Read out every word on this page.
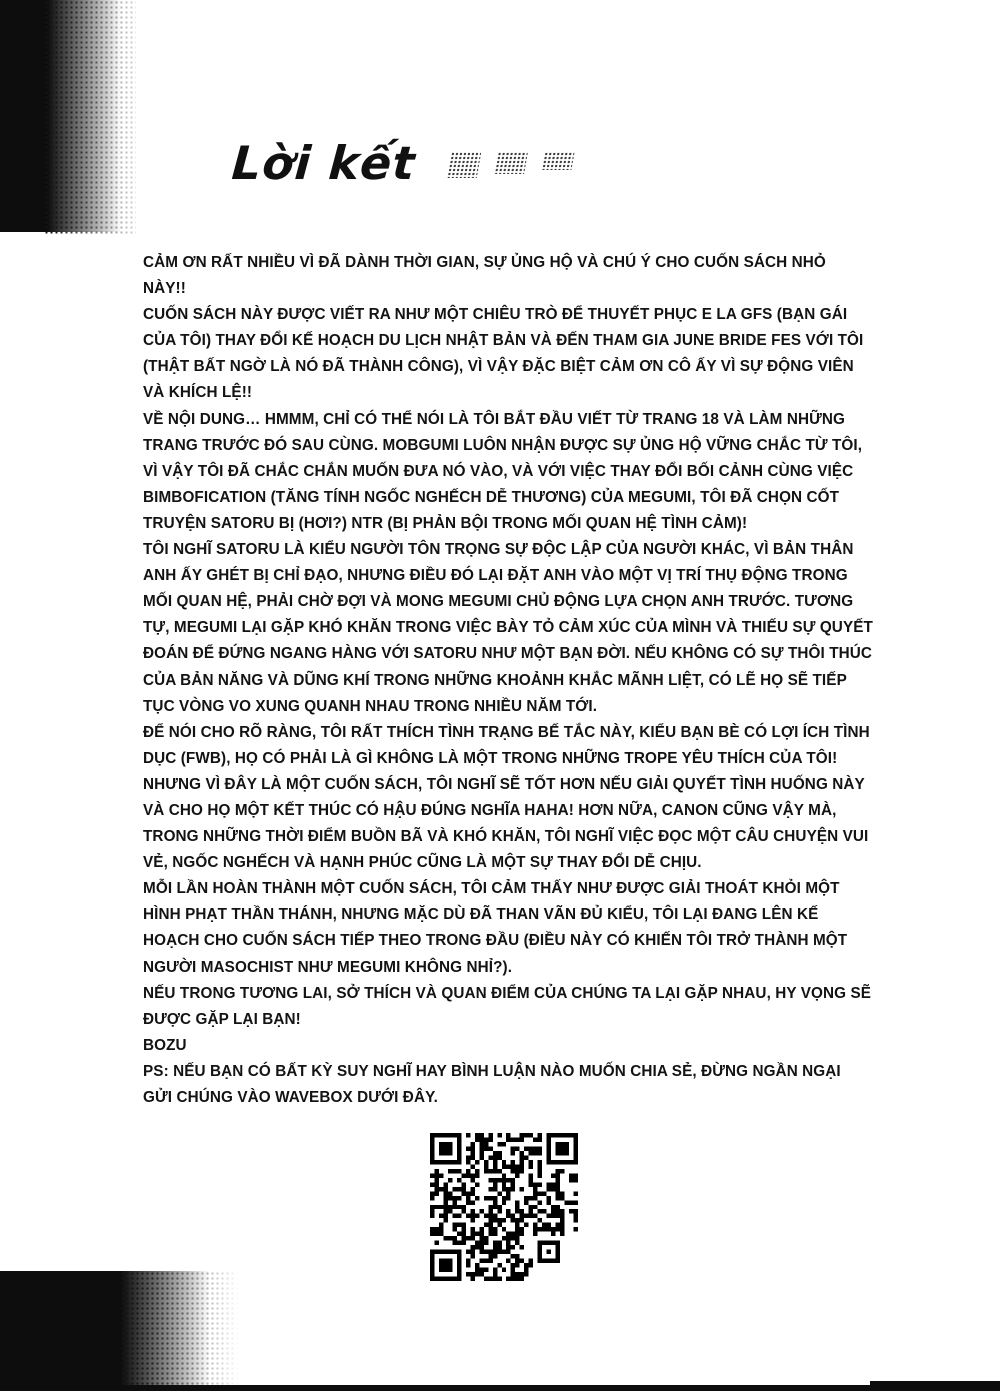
Lời kết

CẢM ƠN RẤT NHIỀU VÌ ĐÃ DÀNH THỜI GIAN, SỰ ỦNG HỘ VÀ CHÚ Ý CHO CUỐN SÁCH NHỎ NÀY!!

CUỐN SÁCH NÀY ĐƯỢC VIẾT RA NHƯ MỘT CHIÊU TRÒ ĐỂ THUYẾT PHỤC E LA GFS (BẠN GÁI CỦA TÔI) THAY ĐỔI KẾ HOẠCH DU LỊCH NHẬT BẢN VÀ ĐẾN THAM GIA JUNE BRIDE FES VỚI TÔI (THẬT BẤT NGỜ LÀ NÓ ĐÃ THÀNH CÔNG), VÌ VẬY ĐẶC BIỆT CẢM ƠN CÔ ẤY VÌ SỰ ĐỘNG VIÊN VÀ KHÍCH LỆ!!

VỀ NỘI DUNG… HMMM, CHỈ CÓ THỂ NÓI LÀ TÔI BẮT ĐẦU VIẾT TỪ TRANG 18 VÀ LÀM NHỮNG TRANG TRƯỚC ĐÓ SAU CÙNG. MOBGUMI LUÔN NHẬN ĐƯỢC SỰ ỦNG HỘ VỮNG CHẮC TỪ TÔI, VÌ VẬY TÔI ĐÃ CHẮC CHẮN MUỐN ĐƯA NÓ VÀO, VÀ VỚI VIỆC THAY ĐỔI BỐI CẢNH CÙNG VIỆC BIMBOFICATION (TĂNG TÍNH NGỐC NGHẾCH DỄ THƯƠNG) CỦA MEGUMI, TÔI ĐÃ CHỌN CỐT TRUYỆN SATORU BỊ (HƠI?) NTR (BỊ PHẢN BỘI TRONG MỐI QUAN HỆ TÌNH CẢM)!

TÔI NGHĨ SATORU LÀ KIỂU NGƯỜI TÔN TRỌNG SỰ ĐỘC LẬP CỦA NGƯỜI KHÁC, VÌ BẢN THÂN ANH ẤY GHÉT BỊ CHỈ ĐẠO, NHƯNG ĐIỀU ĐÓ LẠI ĐẶT ANH VÀO MỘT VỊ TRÍ THỤ ĐỘNG TRONG MỐI QUAN HỆ, PHẢI CHỜ ĐỢI VÀ MONG MEGUMI CHỦ ĐỘNG LỰA CHỌN ANH TRƯỚC. TƯƠNG TỰ, MEGUMI LẠI GẶP KHÓ KHĂN TRONG VIỆC BÀY TỎ CẢM XÚC CỦA MÌNH VÀ THIẾU SỰ QUYẾT ĐOÁN ĐỂ ĐỨNG NGANG HÀNG VỚI SATORU NHƯ MỘT BẠN ĐỜI. NẾU KHÔNG CÓ SỰ THÔI THÚC CỦA BẢN NĂNG VÀ DŨNG KHÍ TRONG NHỮNG KHOẢNH KHẮC MÃNH LIỆT, CÓ LẼ HỌ SẼ TIẾP TỤC VÒNG VO XUNG QUANH NHAU TRONG NHIỀU NĂM TỚI.

ĐỂ NÓI CHO RÕ RÀNG, TÔI RẤT THÍCH TÌNH TRẠNG BẾ TẮC NÀY, KIỂU BẠN BÈ CÓ LỢI ÍCH TÌNH DỤC (FWB), HỌ CÓ PHẢI LÀ GÌ KHÔNG LÀ MỘT TRONG NHỮNG TROPE YÊU THÍCH CỦA TÔI! NHƯNG VÌ ĐÂY LÀ MỘT CUỐN SÁCH, TÔI NGHĨ SẼ TỐT HƠN NẾU GIẢI QUYẾT TÌNH HUỐNG NÀY VÀ CHO HỌ MỘT KẾT THÚC CÓ HẬU ĐÚNG NGHĨA HAHA! HƠN NỮA, CANON CŨNG VẬY MÀ, TRONG NHỮNG THỜI ĐIỂM BUỒN BÃ VÀ KHÓ KHĂN, TÔI NGHĨ VIỆC ĐỌC MỘT CÂU CHUYỆN VUI VẺ, NGỐC NGHẾCH VÀ HẠNH PHÚC CŨNG LÀ MỘT SỰ THAY ĐỔI DỄ CHỊU.

MỖI LẦN HOÀN THÀNH MỘT CUỐN SÁCH, TÔI CẢM THẤY NHƯ ĐƯỢC GIẢI THOÁT KHỎI MỘT HÌNH PHẠT THẦN THÁNH, NHƯNG MẶC DÙ ĐÃ THAN VÃN ĐỦ KIỂU, TÔI LẠI ĐANG LÊN KẾ HOẠCH CHO CUỐN SÁCH TIẾP THEO TRONG ĐẦU (ĐIỀU NÀY CÓ KHIẾN TÔI TRỞ THÀNH MỘT NGƯỜI MASOCHIST NHƯ MEGUMI KHÔNG NHỈ?).

NẾU TRONG TƯƠNG LAI, SỞ THÍCH VÀ QUAN ĐIỂM CỦA CHÚNG TA LẠI GẶP NHAU, HY VỌNG SẼ ĐƯỢC GẶP LẠI BẠN!

BOZU

PS: NẾU BẠN CÓ BẤT KỲ SUY NGHĨ HAY BÌNH LUẬN NÀO MUỐN CHIA SẺ, ĐỪNG NGẦN NGẠI GỬI CHÚNG VÀO WAVEBOX DƯỚI ĐÂY.
